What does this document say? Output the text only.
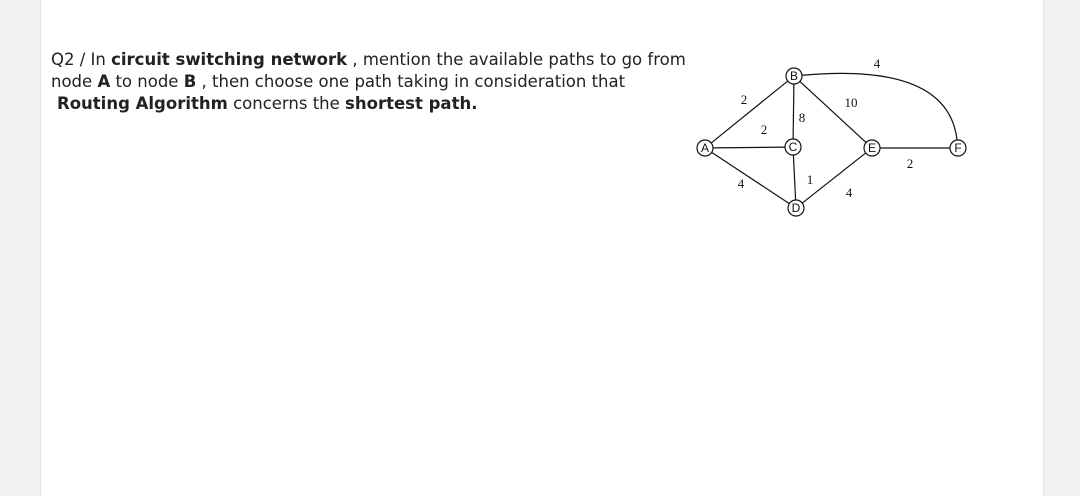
Q2 / In circuit switching network , mention the available paths to go from
node A to node B , then choose one path taking in consideration that
Routing Algorithm concerns the shortest path.	2
2
4
8
10
4
1
4
2
A
B
C
D
E	F
